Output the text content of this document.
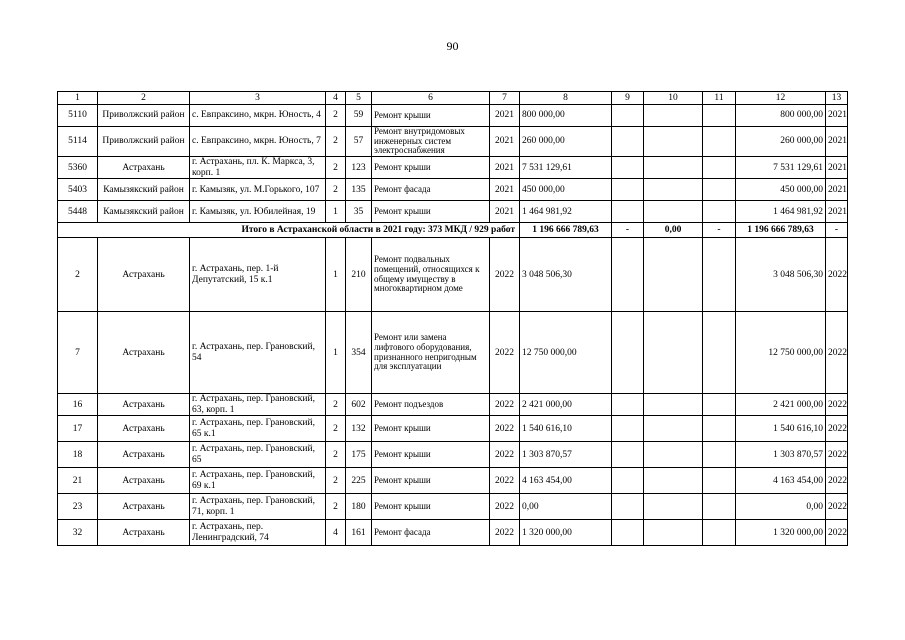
90
1	2	3	4	5	6	7	8	9	10	11	12	13
5110	Приволжский район	с. Евпраксино, мкрн. Юность, 4	2	59	Ремонт крыши	2021	800 000,00				800 000,00	2021
5114	Приволжский район	с. Евпраксино, мкрн. Юность, 7	2	57	Ремонт внутридомовых инженерных систем электроснабжения	2021	260 000,00				260 000,00	2021
5360	Астрахань	г. Астрахань, пл. К. Маркса, 3, корп. 1	2	123	Ремонт крыши	2021	7 531 129,61				7 531 129,61	2021
5403	Камызякский район	г. Камызяк, ул. М.Горького, 107	2	135	Ремонт фасада	2021	450 000,00				450 000,00	2021
5448	Камызякский район	г. Камызяк, ул. Юбилейная, 19	1	35	Ремонт крыши	2021	1 464 981,92				1 464 981,92	2021
Итого в Астраханской области в 2021 году: 373 МКД / 929 работ							1 196 666 789,63	-	0,00	-	1 196 666 789,63	-
2	Астрахань	г. Астрахань, пер. 1-й Депутатский, 15 к.1	1	210	Ремонт подвальных помещений, относящихся к общему имуществу в многоквартирном доме	2022	3 048 506,30				3 048 506,30	2022
7	Астрахань	г. Астрахань, пер. Грановский, 54	1	354	Ремонт или замена лифтового оборудования, признанного непригодным для эксплуатации	2022	12 750 000,00				12 750 000,00	2022
16	Астрахань	г. Астрахань, пер. Грановский, 63, корп. 1	2	602	Ремонт подъездов	2022	2 421 000,00				2 421 000,00	2022
17	Астрахань	г. Астрахань, пер. Грановский, 65 к.1	2	132	Ремонт крыши	2022	1 540 616,10				1 540 616,10	2022
18	Астрахань	г. Астрахань, пер. Грановский, 65	2	175	Ремонт крыши	2022	1 303 870,57				1 303 870,57	2022
21	Астрахань	г. Астрахань, пер. Грановский, 69 к.1	2	225	Ремонт крыши	2022	4 163 454,00				4 163 454,00	2022
23	Астрахань	г. Астрахань, пер. Грановский, 71, корп. 1	2	180	Ремонт крыши	2022	0,00				0,00	2022
32	Астрахань	г. Астрахань, пер. Ленинградский, 74	4	161	Ремонт фасада	2022	1 320 000,00				1 320 000,00	2022
